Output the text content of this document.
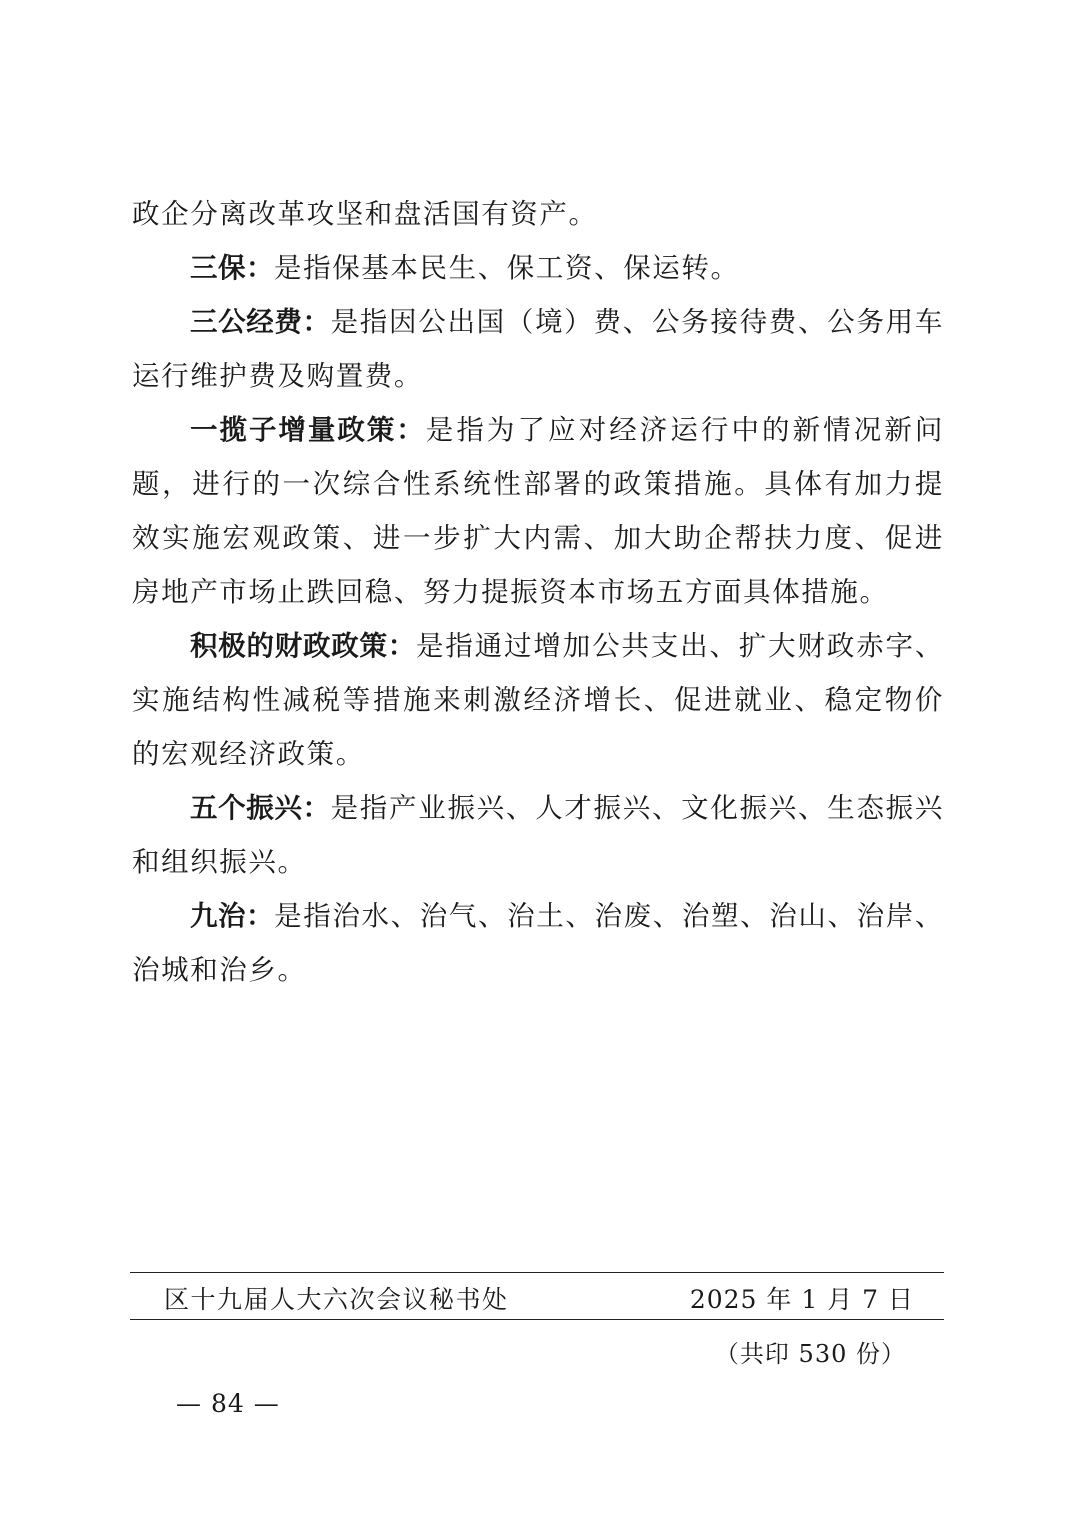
政企分离改革攻坚和盘活国有资产。

三保：是指保基本民生、保工资、保运转。

三公经费：是指因公出国（境）费、公务接待费、公务用车运行维护费及购置费。

一揽子增量政策：是指为了应对经济运行中的新情况新问题，进行的一次综合性系统性部署的政策措施。具体有加力提效实施宏观政策、进一步扩大内需、加大助企帮扶力度、促进房地产市场止跌回稳、努力提振资本市场五方面具体措施。

积极的财政政策：是指通过增加公共支出、扩大财政赤字、实施结构性减税等措施来刺激经济增长、促进就业、稳定物价的宏观经济政策。

五个振兴：是指产业振兴、人才振兴、文化振兴、生态振兴和组织振兴。

九治：是指治水、治气、治土、治废、治塑、治山、治岸、治城和治乡。

区十九届人大六次会议秘书处	2025 年 1 月 7 日
（共印 530 份）
— 84 —
